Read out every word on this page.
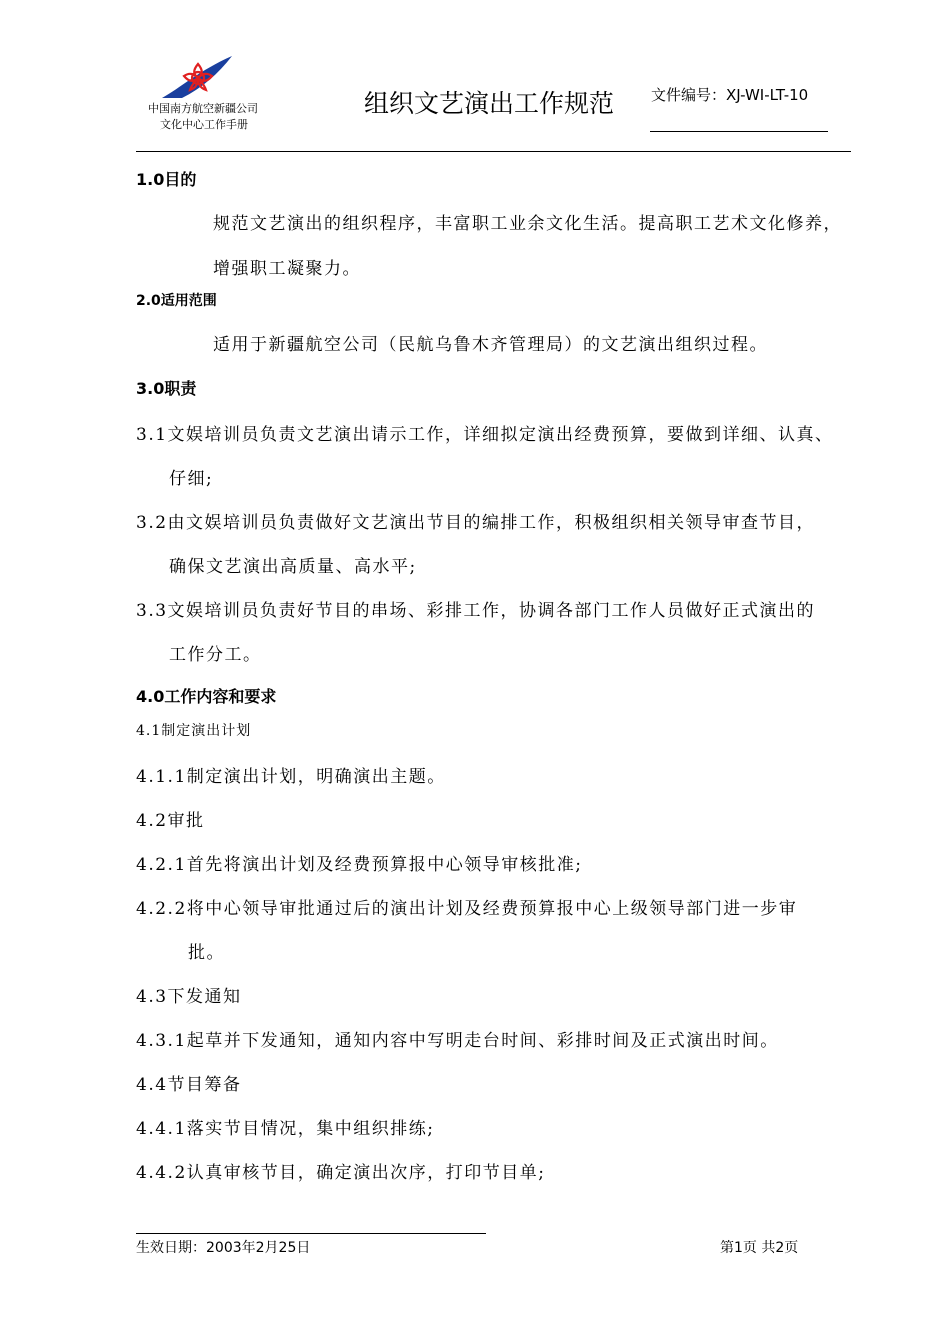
中国南方航空新疆公司
文化中心工作手册
组织文艺演出工作规范 文件编号：XJ-WI-LT-10
1.0目的
规范文艺演出的组织程序，丰富职工业余文化生活。提高职工艺术文化修养，
增强职工凝聚力。
2.0适用范围
适用于新疆航空公司（民航乌鲁木齐管理局）的文艺演出组织过程。
3.0职责
3.1文娱培训员负责文艺演出请示工作，详细拟定演出经费预算，要做到详细、认真、
仔细;
3.2由文娱培训员负责做好文艺演出节目的编排工作，积极组织相关领导审查节目，
确保文艺演出高质量、高水平;
3.3文娱培训员负责好节目的串场、彩排工作，协调各部门工作人员做好正式演出的
工作分工。
4.0工作内容和要求
4.1制定演出计划
4.1.1制定演出计划，明确演出主题。
4.2审批
4.2.1首先将演出计划及经费预算报中心领导审核批准;
4.2.2将中心领导审批通过后的演出计划及经费预算报中心上级领导部门进一步审
批。
4.3下发通知
4.3.1起草并下发通知，通知内容中写明走台时间、彩排时间及正式演出时间。
4.4节目筹备
4.4.1落实节目情况，集中组织排练;
4.4.2认真审核节目，确定演出次序，打印节目单;
生效日期：2003年2月25日	第1页 共2页
